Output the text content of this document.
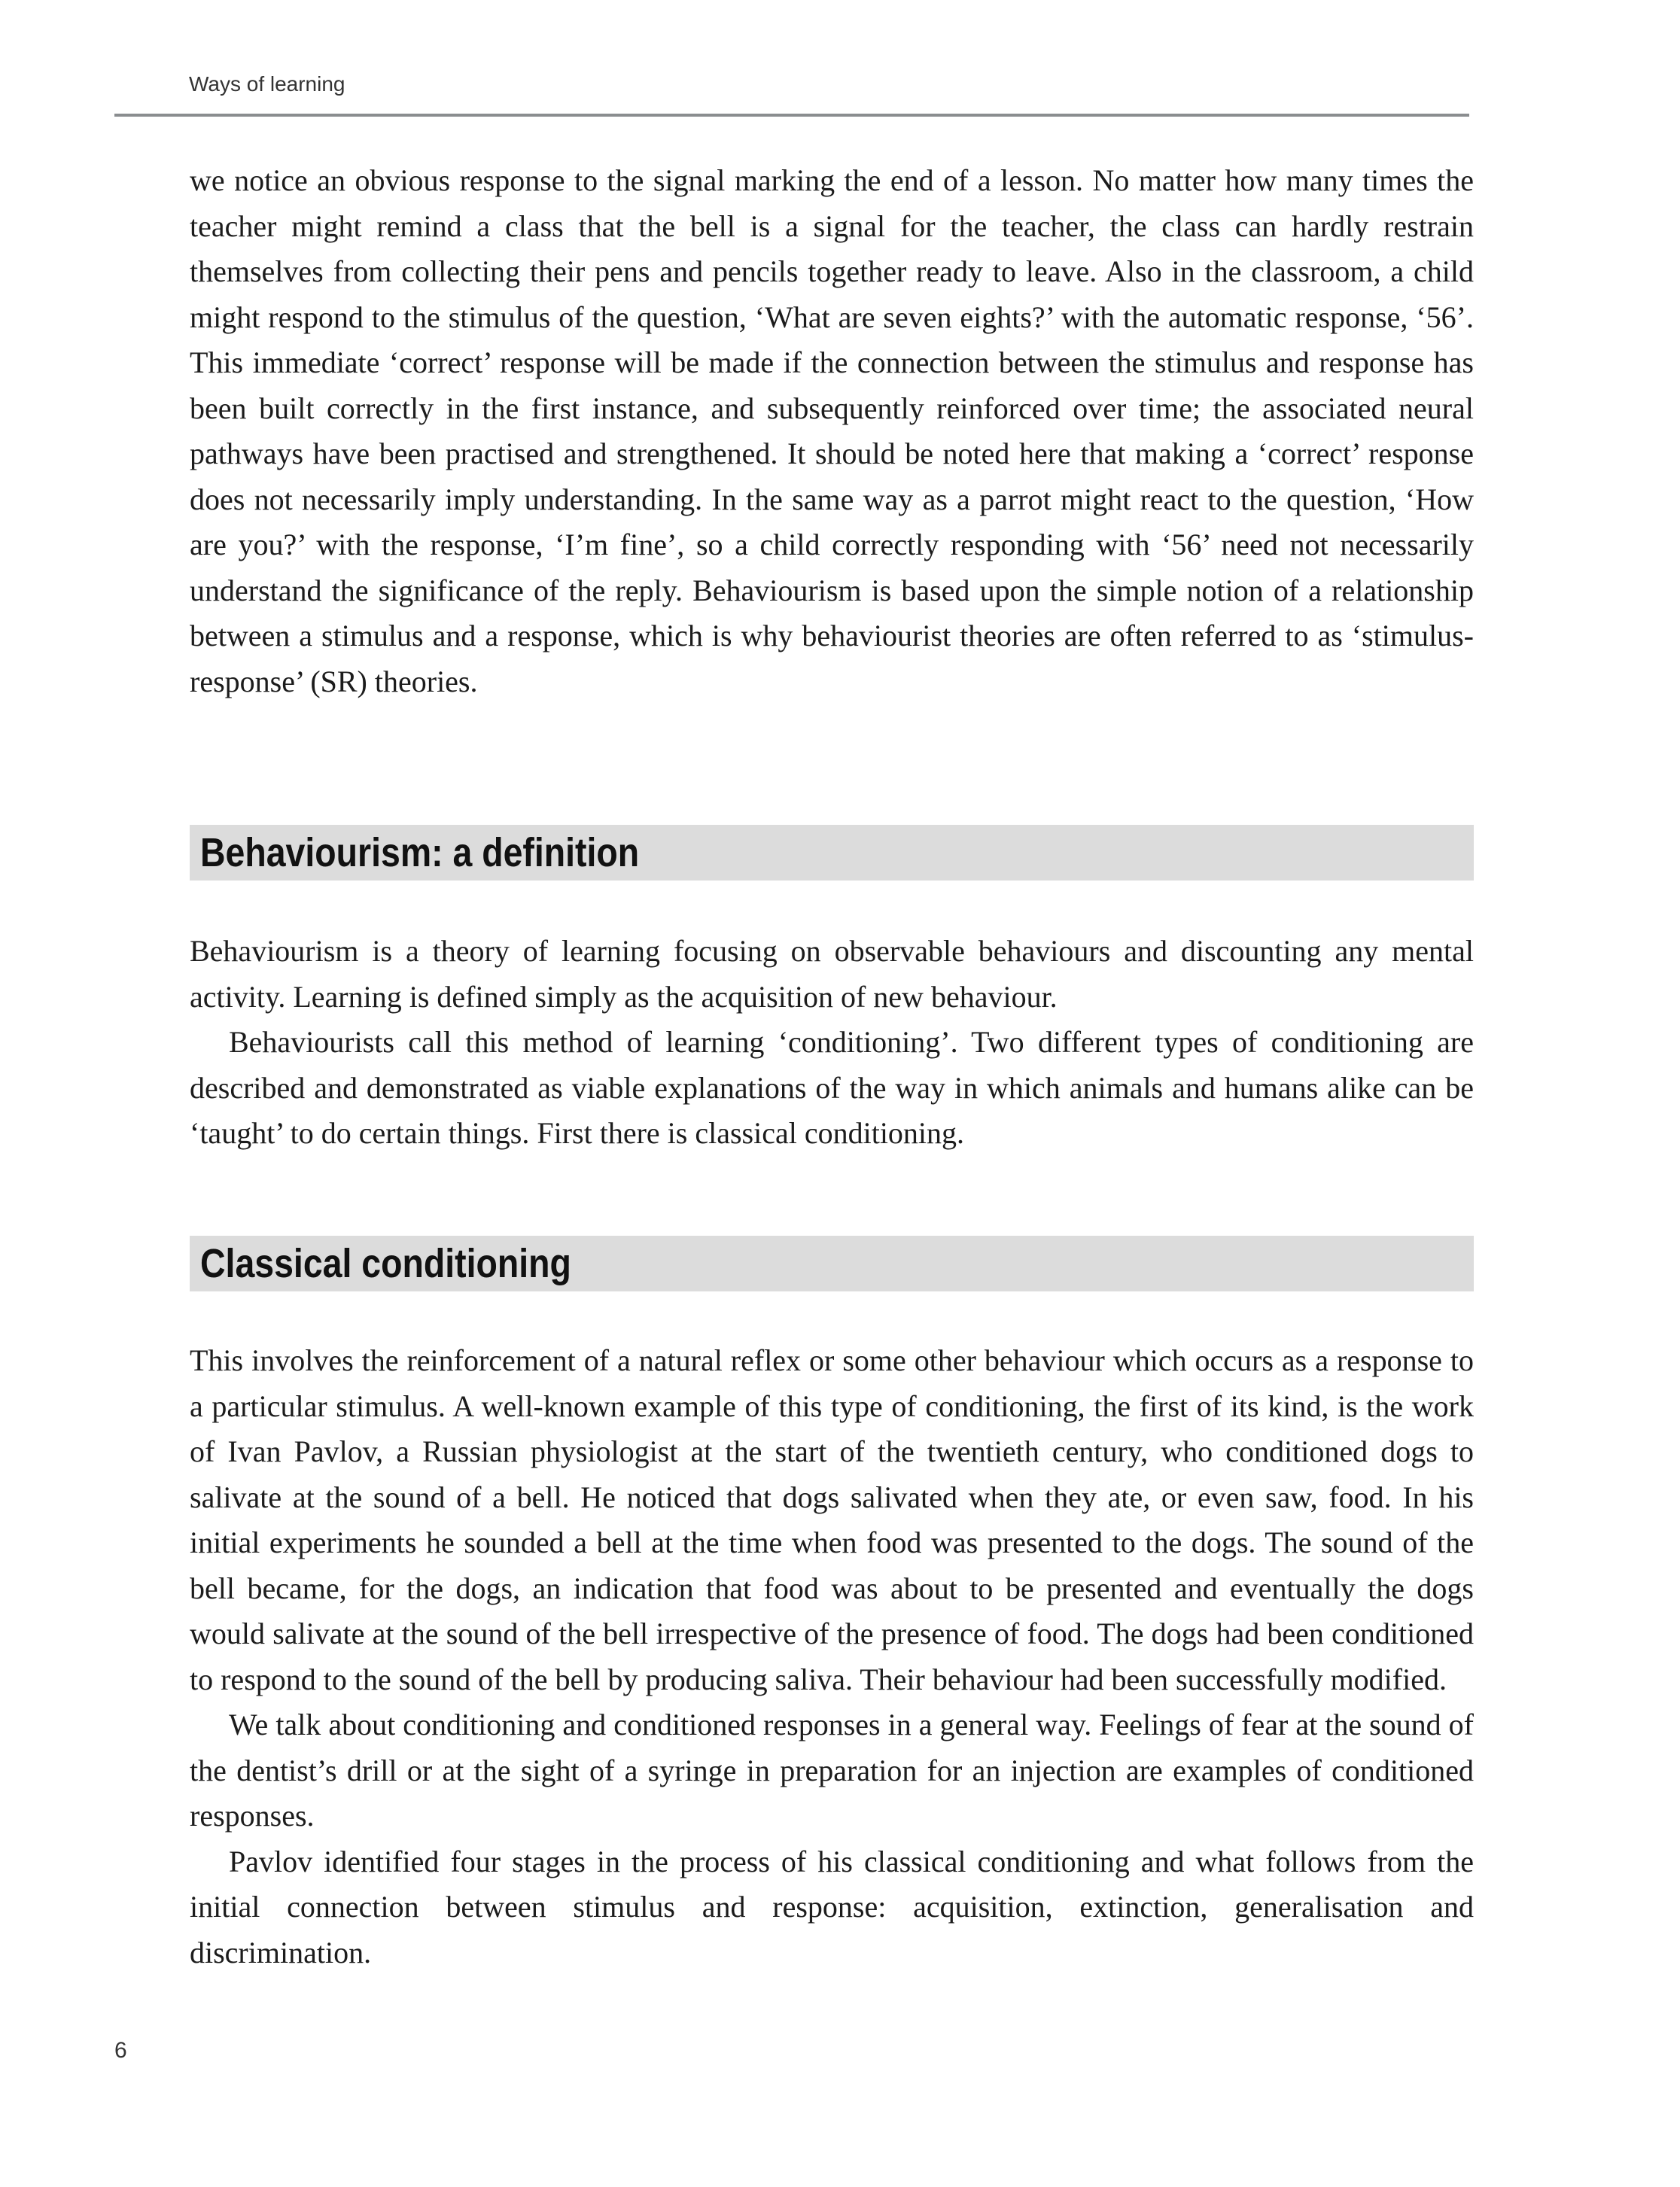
Ways of learning

we notice an obvious response to the signal marking the end of a lesson. No matter how many times the teacher might remind a class that the bell is a signal for the teacher, the class can hardly restrain themselves from collecting their pens and pencils together ready to leave. Also in the classroom, a child might respond to the stimulus of the question, ‘What are seven eights?’ with the automatic response, ‘56’. This immediate ‘correct’ response will be made if the connection between the stimulus and response has been built correctly in the first instance, and subsequently reinforced over time; the associated neural pathways have been practised and strengthened. It should be noted here that making a ‘correct’ response does not necessarily imply understanding. In the same way as a parrot might react to the question, ‘How are you?’ with the response, ‘I’m fine’, so a child correctly responding with ‘56’ need not necessarily understand the significance of the reply. Behaviourism is based upon the simple notion of a relationship between a stimulus and a response, which is why behaviourist theories are often referred to as ‘stimulus-response’ (SR) theories.

Behaviourism: a definition

Behaviourism is a theory of learning focusing on observable behaviours and discounting any mental activity. Learning is defined simply as the acquisition of new behaviour.

Behaviourists call this method of learning ‘conditioning’. Two different types of conditioning are described and demonstrated as viable explanations of the way in which animals and humans alike can be ‘taught’ to do certain things. First there is classical conditioning.

Classical conditioning

This involves the reinforcement of a natural reflex or some other behaviour which occurs as a response to a particular stimulus. A well-known example of this type of conditioning, the first of its kind, is the work of Ivan Pavlov, a Russian physiologist at the start of the twentieth century, who conditioned dogs to salivate at the sound of a bell. He noticed that dogs salivated when they ate, or even saw, food. In his initial experiments he sounded a bell at the time when food was presented to the dogs. The sound of the bell became, for the dogs, an indication that food was about to be presented and eventually the dogs would salivate at the sound of the bell irrespective of the presence of food. The dogs had been conditioned to respond to the sound of the bell by producing saliva. Their behaviour had been successfully modified.

We talk about conditioning and conditioned responses in a general way. Feelings of fear at the sound of the dentist’s drill or at the sight of a syringe in preparation for an injection are examples of conditioned responses.

Pavlov identified four stages in the process of his classical conditioning and what follows from the initial connection between stimulus and response: acquisition, extinction, generalisation and discrimination.

6
